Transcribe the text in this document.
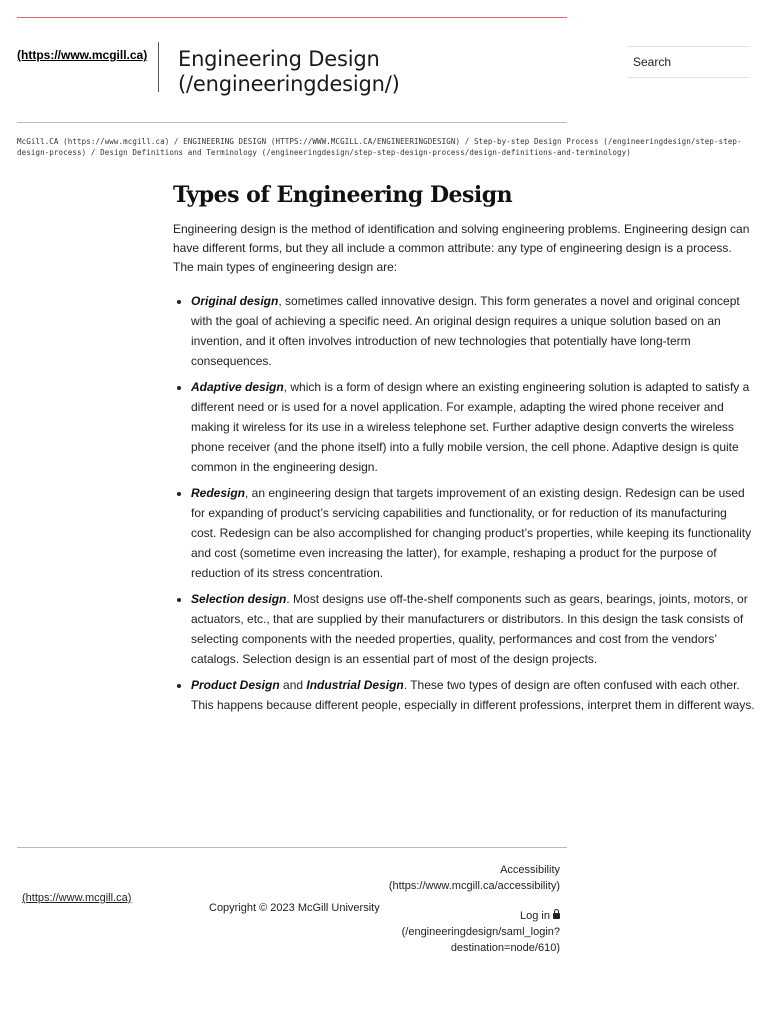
(https://www.mcgill.ca) Engineering Design
(/engineeringdesign/)
Search
McGill.CA (https://www.mcgill.ca) / ENGINEERING DESIGN (HTTPS://WWW.MCGILL.CA/ENGINEERINGDESIGN) / Step-by-step Design Process (/engineeringdesign/step-step-design-process) / Design Definitions and Terminology (/engineeringdesign/step-step-design-process/design-definitions-and-terminology)
Types of Engineering Design

Engineering design is the method of identification and solving engineering problems. Engineering design can have different forms, but they all include a common attribute: any type of engineering design is a process. The main types of engineering design are:

• Original design, sometimes called innovative design. This form generates a novel and original concept with the goal of achieving a specific need. An original design requires a unique solution based on an invention, and it often involves introduction of new technologies that potentially have long-term consequences.
• Adaptive design, which is a form of design where an existing engineering solution is adapted to satisfy a different need or is used for a novel application. For example, adapting the wired phone receiver and making it wireless for its use in a wireless telephone set. Further adaptive design converts the wireless phone receiver (and the phone itself) into a fully mobile version, the cell phone. Adaptive design is quite common in the engineering design.
• Redesign, an engineering design that targets improvement of an existing design. Redesign can be used for expanding of product’s servicing capabilities and functionality, or for reduction of its manufacturing cost. Redesign can be also accomplished for changing product’s properties, while keeping its functionality and cost (sometime even increasing the latter), for example, reshaping a product for the purpose of reduction of its stress concentration.
• Selection design. Most designs use off-the-shelf components such as gears, bearings, joints, motors, or actuators, etc., that are supplied by their manufacturers or distributors. In this design the task consists of selecting components with the needed properties, quality, performances and cost from the vendors’ catalogs. Selection design is an essential part of most of the design projects.
• Product Design and Industrial Design. These two types of design are often confused with each other. This happens because different people, especially in different professions, interpret them in different ways.
(https://www.mcgill.ca)
Copyright © 2023 McGill University
Accessibility
(https://www.mcgill.ca/accessibility)
Log in
(/engineeringdesign/saml_login?
destination=node/610)
